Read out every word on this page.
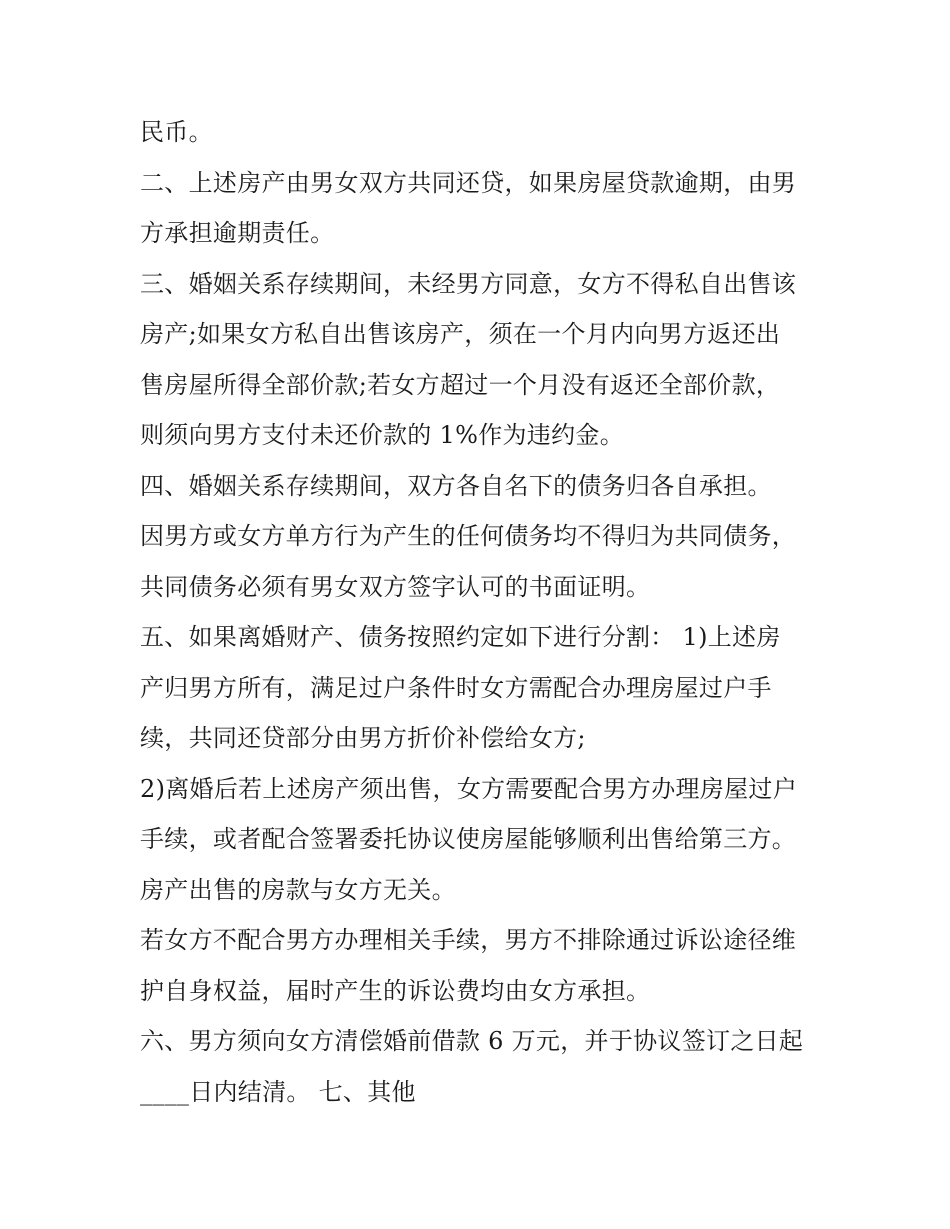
民币。
二、上述房产由男女双方共同还贷，如果房屋贷款逾期，由男
方承担逾期责任。
三、婚姻关系存续期间，未经男方同意，女方不得私自出售该
房产;如果女方私自出售该房产，须在一个月内向男方返还出
售房屋所得全部价款;若女方超过一个月没有返还全部价款，
则须向男方支付未还价款的 1%作为违约金。
四、婚姻关系存续期间，双方各自名下的债务归各自承担。
因男方或女方单方行为产生的任何债务均不得归为共同债务，
共同债务必须有男女双方签字认可的书面证明。
五、如果离婚财产、债务按照约定如下进行分割： 1)上述房
产归男方所有，满足过户条件时女方需配合办理房屋过户手
续，共同还贷部分由男方折价补偿给女方;
2)离婚后若上述房产须出售，女方需要配合男方办理房屋过户
手续，或者配合签署委托协议使房屋能够顺利出售给第三方。
房产出售的房款与女方无关。
若女方不配合男方办理相关手续，男方不排除通过诉讼途径维
护自身权益，届时产生的诉讼费均由女方承担。
六、男方须向女方清偿婚前借款 6 万元，并于协议签订之日起
____日内结清。 七、其他
